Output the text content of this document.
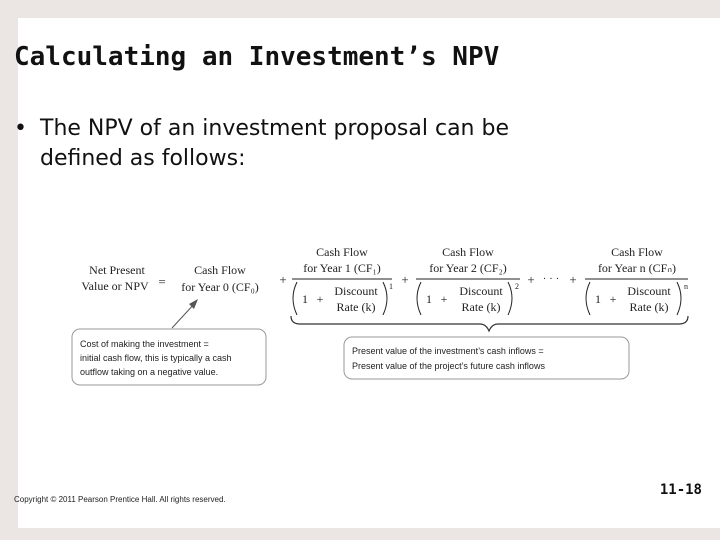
Calculating an Investment’s NPV
• The NPV of an investment proposal can be
defined as follows:
Net Present
Value or NPV =
Cash Flow
for Year 0 (CF₀) +	+	+ · · · +
Cash Flow
for Year 1 (CF₁)
1 +
Discount
Rate (k)
1
Cash Flow
for Year 2 (CF₂)
1 +
Discount
Rate (k)
2
Cash Flow
for Year n (CFₙ)
1 +
Discount
Rate (k)
n
Cost of making the investment =
initial cash flow, this is typically a cash
outflow taking on a negative value.
Present value of the investment’s cash inflows =
Present value of the project’s future cash inflows
Copyright © 2011 Pearson Prentice Hall. All rights reserved.
11-18
